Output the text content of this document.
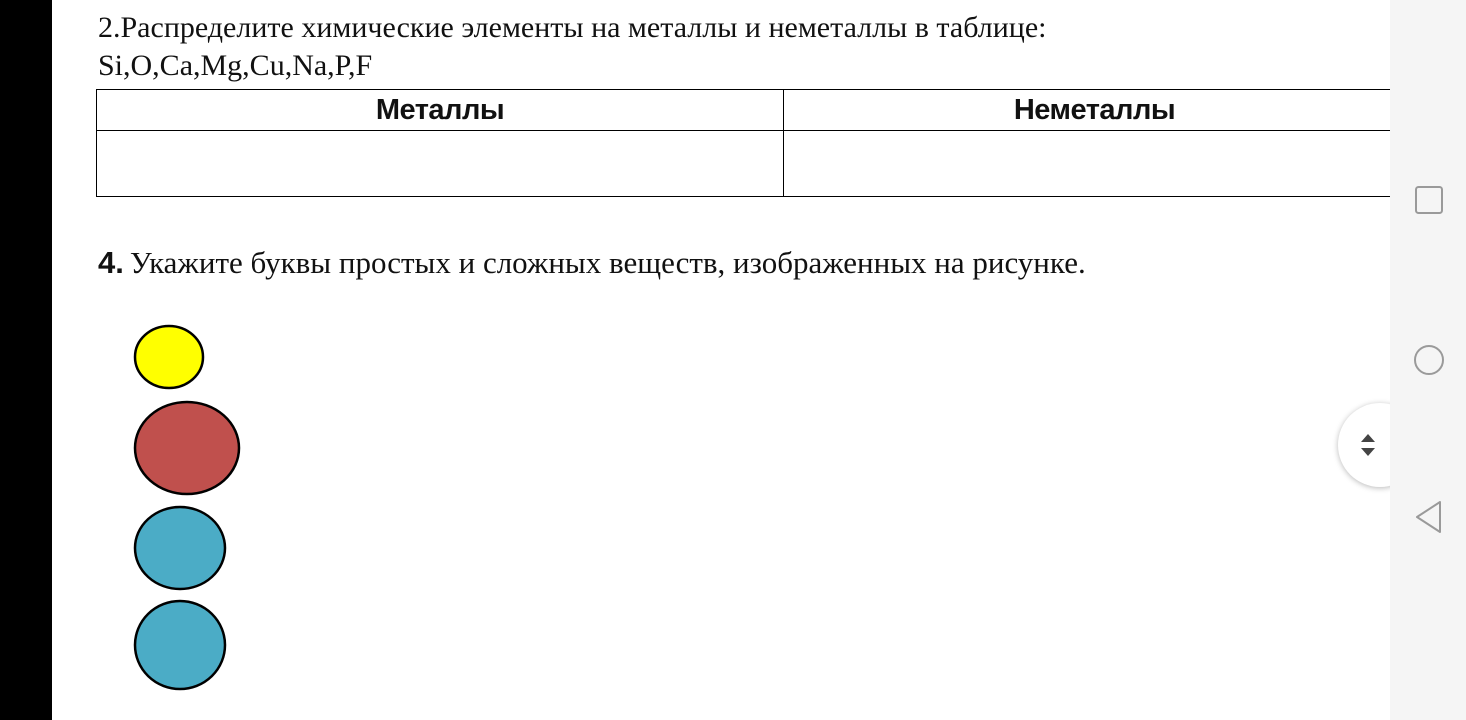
2.Распределите химические элементы на металлы и неметаллы в таблице:
Si,O,Ca,Mg,Cu,Na,P,F
Металлы	Неметаллы

4. Укажите буквы простых и сложных веществ, изображенных на рисунке.
